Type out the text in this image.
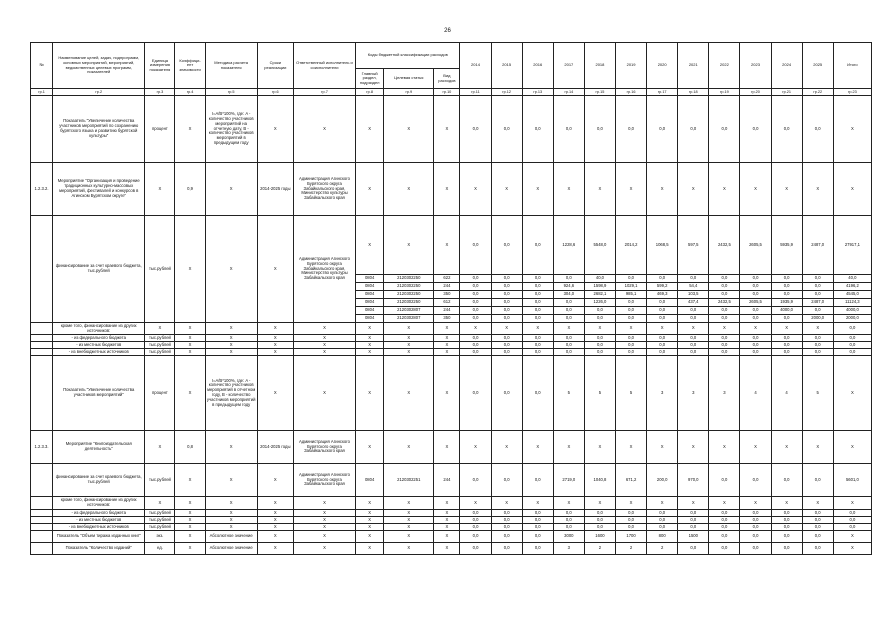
26
№	Наименование целей, задач, подпрограмм, основных мероприятий, мероприятий, ведомственных целевых программ, показателей	Единица измерения показателя	Коэффици-ент значимости	Методика расчета показателя	Сроки реализации	Ответственный исполнитель и соисполнители	Коды бюджетной классификации расходов			2014	2015	2016	2017	2018	2019	2020	2021	2022	2023	2024	2025	Итого
							Главный раздел, подраздел	Целевая статья	Вид расходов													
гр.1	гр.2	гр.3	гр.4	гр.5	гр.6	гр.7	гр.8	гр.9	гр.10	гр.11	гр.12	гр.13	гр.14	гр.15	гр.16	гр.17	гр.18	гр.19	гр.20	гр.21	гр.22	гр.23
	Показатель "Увеличение количества участников мероприятий по сохранению бурятского языка и развитию бурятской культуры"	процент	X	I=A/B*100%, где: A - количество участников мероприятий на отчетную дату, B - количество участников мероприятий в предыдущем году	X	X	X	X	X	0,0	0,0	0,0	0,0	0,0	0,0	0,0	0,0	0,0	0,0	0,0	0,0	X
1.2.3.2.	Мероприятие "Организация и проведение традиционных культурно-массовых мероприятий, фестивалей и конкурсов в Агинском Бурятском округе"	X	0,9	X	2014-2025 годы	Администрация Агинского Бурятского округа Забайкальского края, Министерство культуры Забайкальского края	X	X	X	X	X	X	X	X	X	X	X	X	X	X	X	X
	финансирование за счет краевого бюджета, тыс.рублей	тыс.рублей	X	X	X	Администрация Агинского Бурятского округа Забайкальского края, Министерство культуры Забайкальского края	X	X	X	0,0	0,0	0,0	1228,6	5548,0	2014,2	1068,5	597,5	2432,5	2605,5	5935,9	2487,0	27917,1
							0804	2120302250	622	0,0	0,0	0,0	0,0	40,0	0,0	0,0	0,0	0,0	0,0	0,0	0,0	40,0
							0804	2120302250	244	0,0	0,0	0,0	924,6	1598,9	1029,1	599,2	54,4	0,0	0,0	0,0	0,0	4196,2
							0804	2120302250	350	0,0	0,0	0,0	304,0	2682,1	985,1	469,3	103,5	0,0	0,0	0,0	0,0	4545,0
							0804	2120302250	612	0,0	0,0	0,0	0,0	1226,0	0,0	0,0	437,4	2432,5	2605,5	1935,9	2487,0	11124,3
							0804	2120302807	244	0,0	0,0	0,0	0,0	0,0	0,0	0,0	0,0	0,0	0,0	4000,0	0,0	4000,0
							0804	2120302807	350	0,0	0,0	0,0	0,0	0,0	0,0	0,0	0,0	0,0	0,0	0,0	2000,0	2000,0
	кроме того, финансирование из других источников:	X	X	X	X	X	X	X	X	X	X	X	X	X	X	X	X	X	X	X	X	0,0
	- из федерального бюджета	тыс.рублей	X	X	X	X	X	X	X	0,0	0,0	0,0	0,0	0,0	0,0	0,0	0,0	0,0	0,0	0,0	0,0	0,0
	- из местных бюджетов	тыс.рублей	X	X	X	X	X	X	X	0,0	0,0	0,0	0,0	0,0	0,0	0,0	0,0	0,0	0,0	0,0	0,0	0,0
	- из внебюджетных источников	тыс.рублей	X	X	X	X	X	X	X	0,0	0,0	0,0	0,0	0,0	0,0	0,0	0,0	0,0	0,0	0,0	0,0	0,0
	Показатель "Увеличение количества участников мероприятий"	процент	X	I=A/B*100%, где: A - количество участников мероприятий в отчетном году, B - количество участников мероприятий в предыдущем году	X	X	X	X	X	0,0	0,0	0,0	5	5	5	3	3	3	4	4	5	X
1.2.3.3.	Мероприятие "Книгоиздательская деятельность"	X	0,8	X	2014-2025 годы	Администрация Агинского Бурятского округа Забайкальского края	X	X	X	X	X	X	X	X	X	X	X	X	X	X	X	X
	финансирование за счет краевого бюджета, тыс.рублей	тыс.рублей	X	X	X	Администрация Агинского Бурятского округа Забайкальского края	0804	2120302251	244	0,0	0,0	0,0	2719,0	1040,8	671,2	200,0	970,0	0,0	0,0	0,0	0,0	5601,0
	кроме того, финансирование из других источников:	X	X	X	X	X	X	X	X	X	X	X	X	X	X	X	X	X	X	X	X	X
	- из федерального бюджета	тыс.рублей	X	X	X	X	X	X	X	0,0	0,0	0,0	0,0	0,0	0,0	0,0	0,0	0,0	0,0	0,0	0,0	0,0
	- из местных бюджетов	тыс.рублей	X	X	X	X	X	X	X	0,0	0,0	0,0	0,0	0,0	0,0	0,0	0,0	0,0	0,0	0,0	0,0	0,0
	- из внебюджетных источников	тыс.рублей	X	X	X	X	X	X	X	0,0	0,0	0,0	0,0	0,0	0,0	0,0	0,0	0,0	0,0	0,0	0,0	0,0
	Показатель "Объем тиража изданных книг"	экз.	X	Абсолютное значение	X	X	X	X	X	0,0	0,0	0,0	3000	1600	1700	800	1500	0,0	0,0	0,0	0,0	X
	Показатель "Количество изданий"	ед.	X	Абсолютное значение	X	X	X	X	X	0,0	0,0	0,0	3	2	2	2	0,0	0,0	0,0	0,0	0,0	X
